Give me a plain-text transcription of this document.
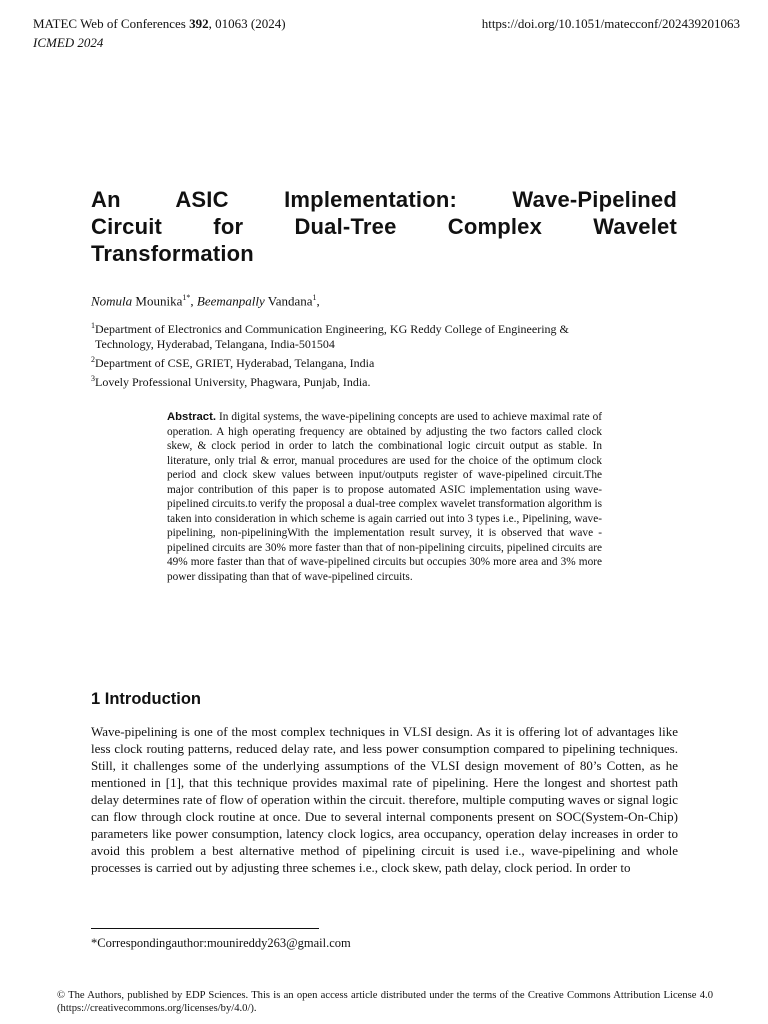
MATEC Web of Conferences 392, 01063 (2024)	https://doi.org/10.1051/matecconf/202439201063
ICMED 2024
An ASIC Implementation: Wave-Pipelined
Circuit for Dual-Tree Complex Wavelet
Transformation
Nomula Mounika$^{1*}$, Beemanpally Vandana$^1$,
$^1$Department of Electronics and Communication Engineering, KG Reddy College of Engineering &
Technology, Hyderabad, Telangana, India-501504
$^2$Department of CSE, GRIET, Hyderabad, Telangana, India
$^3$Lovely Professional University, Phagwara, Punjab, India.
Abstract. In digital systems, the wave-pipelining concepts are used to achieve maximal rate of operation. A high operating frequency are obtained by adjusting the two factors called clock skew, & clock period in order to latch the combinational logic circuit output as stable. In literature, only trial & error, manual procedures are used for the choice of the optimum clock period and clock skew values between input/outputs register of wave-pipelined circuit.The major contribution of this paper is to propose automated ASIC implementation using wave-pipelined circuits.to verify the proposal a dual-tree complex wavelet transformation algorithm is taken into consideration in which scheme is again carried out into 3 types i.e., Pipelining, wave-pipelining, non-pipeliningWith the implementation result survey, it is observed that wave -pipelined circuits are 30% more faster than that of non-pipelining circuits, pipelined circuits are 49% more faster than that of wave-pipelined circuits but occupies 30% more area and 3% more power dissipating than that of wave-pipelined circuits.
1 Introduction
Wave-pipelining is one of the most complex techniques in VLSI design. As it is offering lot of advantages like less clock routing patterns, reduced delay rate, and less power consumption compared to pipelining techniques. Still, it challenges some of the underlying assumptions of the VLSI design movement of 80’s Cotten, as he mentioned in [1], that this technique provides maximal rate of pipelining. Here the longest and shortest path delay determines rate of flow of operation within the circuit. therefore, multiple computing waves or signal logic can flow through clock routine at once. Due to several internal components present on SOC(System-On-Chip) parameters like power consumption, latency clock logics, area occupancy, operation delay increases in order to avoid this problem a best alternative method of pipelining circuit is used i.e., wave-pipelining and whole processes is carried out by adjusting three schemes i.e., clock skew, path delay, clock period. In order to
*Correspondingauthor:mounireddy263@gmail.com
© The Authors, published by EDP Sciences. This is an open access article distributed under the terms of the Creative Commons Attribution License 4.0 (https://creativecommons.org/licenses/by/4.0/).
